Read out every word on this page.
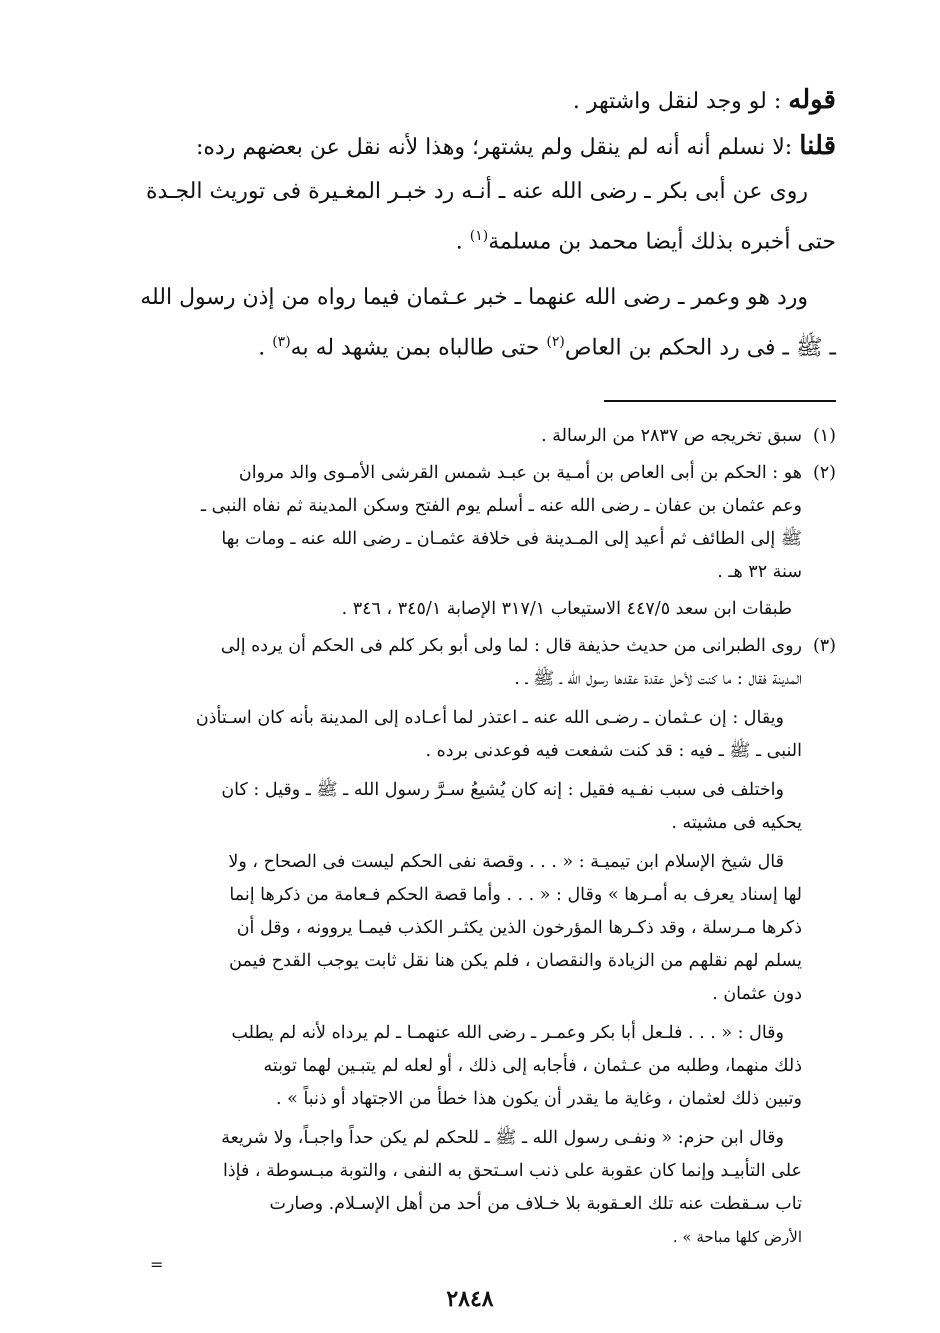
قوله : لو وجد لنقل واشتهر .

قلنا :لا نسلم أنه أنه لم ينقل ولم يشتهر؛ وهذا لأنه نقل عن بعضهم رده:

روى عن أبى بكر ـ رضى الله عنه ـ أنـه رد خبـر المغـيرة فى توريث الجـدة

حتى أخبره بذلك أيضا محمد بن مسلمة$^{(١)}$ .

ورد هو وعمر ـ رضى الله عنهما ـ خبر عـثمان فيما رواه من إذن رسول الله

ـ ﷺ ـ فى رد الحكم بن العاص$^{(٢)}$ حتى طالباه بمن يشهد له به$^{(٣)}$ .

(١)

سبق تخريجه ص ٢٨٣٧ من الرسالة .

(٢)

هو : الحكم بن أبى العاص بن أمـية بن عبـد شمس القرشى الأمـوى والد مروان

وعم عثمان بن عفان ـ رضى الله عنه ـ أسلم يوم الفتح وسكن المدينة ثم نفاه النبى ـ

ﷺ إلى الطائف ثم أعيد إلى المـدينة فى خلافة عثمـان ـ رضى الله عنه ـ ومات بها

سنة ٣٢ هـ .

طبقات ابن سعد ٤٤٧/٥ الاستيعاب ٣١٧/١ الإصابة ٣٤٥/١ ، ٣٤٦ .

(٣)

روى الطبرانى من حديث حذيفة قال : لما ولى أبو بكر كلم فى الحكم أن يرده إلى

المدينة فقال : ما كنت لأحل عقدة عقدها رسول الله ـ ﷺ ـ .

ويقال : إن عـثمان ـ رضـى الله عنه ـ اعتذر لما أعـاده إلى المدينة بأنه كان اسـتأذن

النبى ـ ﷺ ـ فيه : قد كنت شفعت فيه فوعدنى برده .

واختلف فى سبب نفـيه فقيل : إنه كان يُشيعُ سـرَّ رسول الله ـ ﷺ ـ وقيل : كان

يحكيه فى مشيته .

قال شيخ الإسلام ابن تيميـة : « . . . وقصة نفى الحكم ليست فى الصحاح ، ولا

لها إسناد يعرف به أمـرها » وقال : « . . . وأما قصة الحكم فـعامة من ذكرها إنما

ذكرها مـرسلة ، وقد ذكـرها المؤرخون الذين يكثـر الكذب فيمـا يروونه ، وقل أن

يسلم لهم نقلهم من الزيادة والنقصان ، فلم يكن هنا نقل ثابت يوجب القدح فيمن

دون عثمان .

وقال : « . . . فلـعل أبا بكر وعمـر ـ رضى الله عنهمـا ـ لم يرداه لأنه لم يطلب

ذلك منهما، وطلبه من عـثمان ، فأجابه إلى ذلك ، أو لعله لم يتبـين لهما توبته

وتبين ذلك لعثمان ، وغاية ما يقدر أن يكون هذا خطأ من الاجتهاد أو ذنباً » .

وقال ابن حزم: « ونفـى رسول الله ـ ﷺ ـ للحكم لم يكن حداً واجبـاً، ولا شريعة

على التأبيـد وإنما كان عقوبة على ذنب اسـتحق به النفى ، والتوبة مبـسوطة ، فإذا

تاب سـقطت عنه تلك العـقوبة بلا خـلاف من أحد من أهل الإسـلام. وصارت

الأرض كلها مباحة » .

=
٢٨٤٨
